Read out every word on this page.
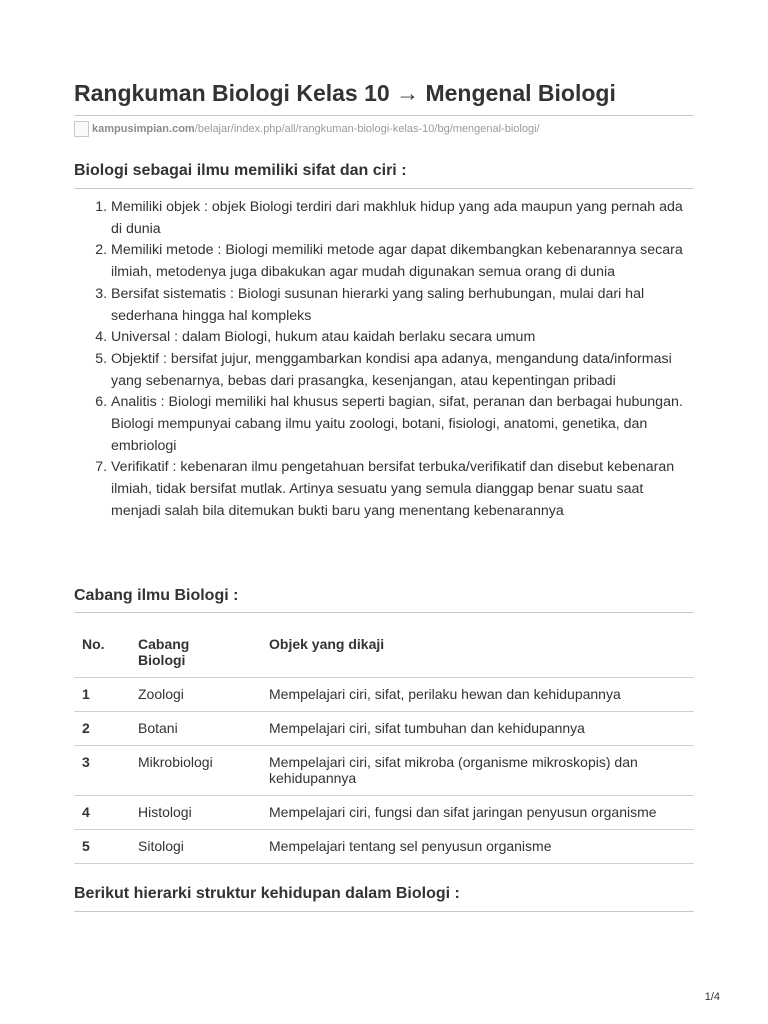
Rangkuman Biologi Kelas 10 → Mengenal Biologi
kampusimpian.com/belajar/index.php/all/rangkuman-biologi-kelas-10/bg/mengenal-biologi/
Biologi sebagai ilmu memiliki sifat dan ciri :
1. Memiliki objek : objek Biologi terdiri dari makhluk hidup yang ada maupun yang pernah ada di dunia
2. Memiliki metode : Biologi memiliki metode agar dapat dikembangkan kebenarannya secara ilmiah, metodenya juga dibakukan agar mudah digunakan semua orang di dunia
3. Bersifat sistematis : Biologi susunan hierarki yang saling berhubungan, mulai dari hal sederhana hingga hal kompleks
4. Universal : dalam Biologi, hukum atau kaidah berlaku secara umum
5. Objektif : bersifat jujur, menggambarkan kondisi apa adanya, mengandung data/informasi yang sebenarnya, bebas dari prasangka, kesenjangan, atau kepentingan pribadi
6. Analitis : Biologi memiliki hal khusus seperti bagian, sifat, peranan dan berbagai hubungan. Biologi mempunyai cabang ilmu yaitu zoologi, botani, fisiologi, anatomi, genetika, dan embriologi
7. Verifikatif : kebenaran ilmu pengetahuan bersifat terbuka/verifikatif dan disebut kebenaran ilmiah, tidak bersifat mutlak. Artinya sesuatu yang semula dianggap benar suatu saat menjadi salah bila ditemukan bukti baru yang menentang kebenarannya
Cabang ilmu Biologi :
No.	Cabang Biologi	Objek yang dikaji
1	Zoologi	Mempelajari ciri, sifat, perilaku hewan dan kehidupannya
2	Botani	Mempelajari ciri, sifat tumbuhan dan kehidupannya
3	Mikrobiologi	Mempelajari ciri, sifat mikroba (organisme mikroskopis) dan kehidupannya
4	Histologi	Mempelajari ciri, fungsi dan sifat jaringan penyusun organisme
5	Sitologi	Mempelajari tentang sel penyusun organisme
Berikut hierarki struktur kehidupan dalam Biologi :
1/4
